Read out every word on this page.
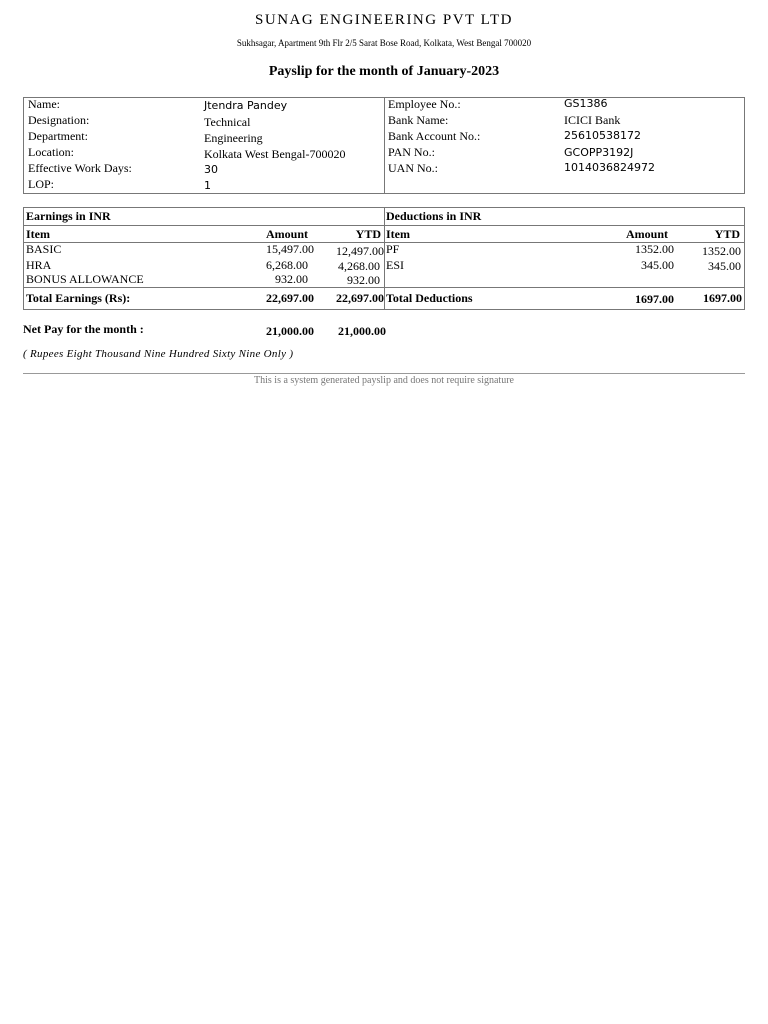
SUNAG ENGINEERING PVT LTD
Sukhsagar, Apartment 9th Flr 2/5 Sarat Bose Road, Kolkata, West Bengal 700020
Payslip for the month of January-2023
Name:	Jtendra Pandey
Designation:	Technical
Department:	Engineering
Location:	Kolkata West Bengal-700020
Effective Work Days:	30
LOP:	1
Employee No.:	GS1386
Bank Name:	ICICI Bank
Bank Account No.:	25610538172
PAN No.:	GCOPP3192J
UAN No.:	1014036824972
Earnings in INR
Item	Amount	YTD
BASIC	15,497.00	12,497.00
HRA	6,268.00	4,268.00
BONUS ALLOWANCE	932.00	932.00
Total Earnings (Rs):	22,697.00	22,697.00
Deductions in INR
Item	Amount	YTD
PF	1352.00	1352.00
ESI	345.00	345.00
Total Deductions	1697.00	1697.00
Net Pay for the month :	21,000.00	21,000.00
( Rupees Eight Thousand Nine Hundred Sixty Nine Only )
This is a system generated payslip and does not require signature
